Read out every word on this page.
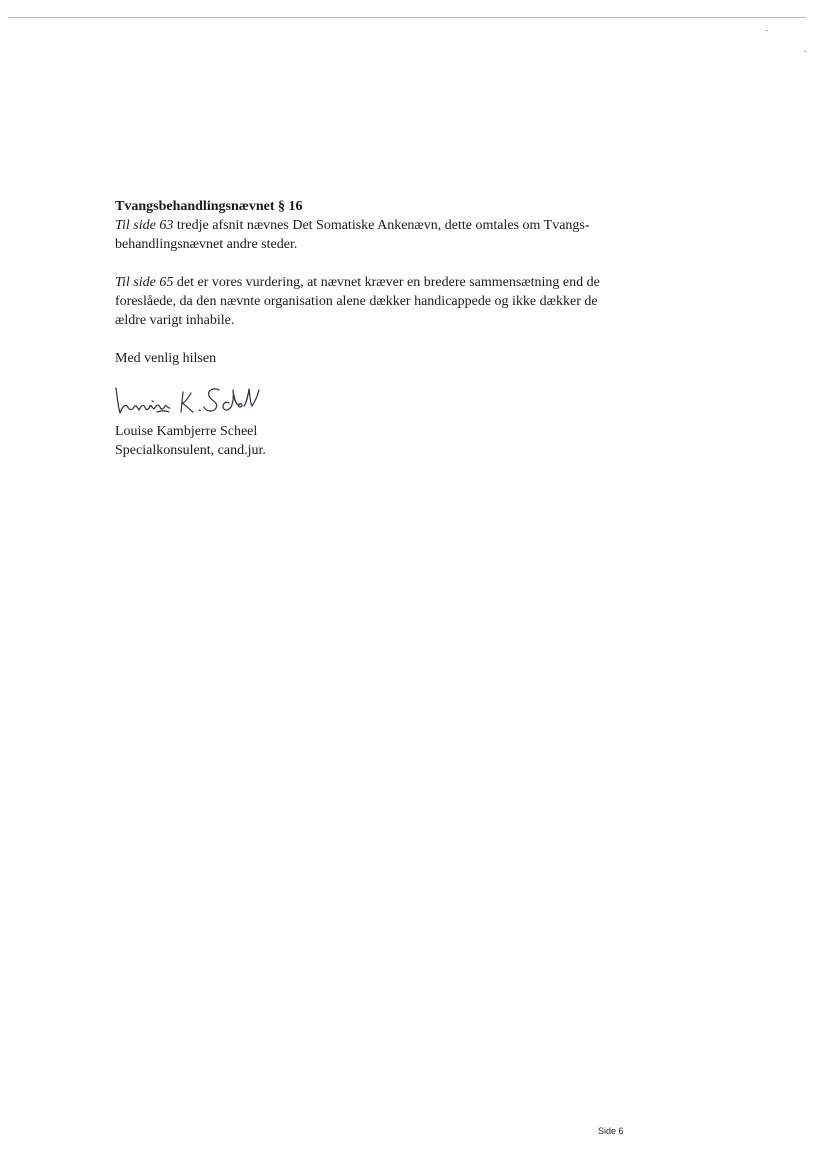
Tvangsbehandlingsnævnet § 16

Til side 63 tredje afsnit nævnes Det Somatiske Ankenævn, dette omtales om Tvangs-
behandlingsnævnet andre steder.

Til side 65 det er vores vurdering, at nævnet kræver en bredere sammensætning end de
foreslåede, da den nævnte organisation alene dækker handicappede og ikke dækker de
ældre varigt inhabile.

Med venlig hilsen

Louise Kambjerre Scheel

Specialkonsulent, cand.jur.

Side 6
